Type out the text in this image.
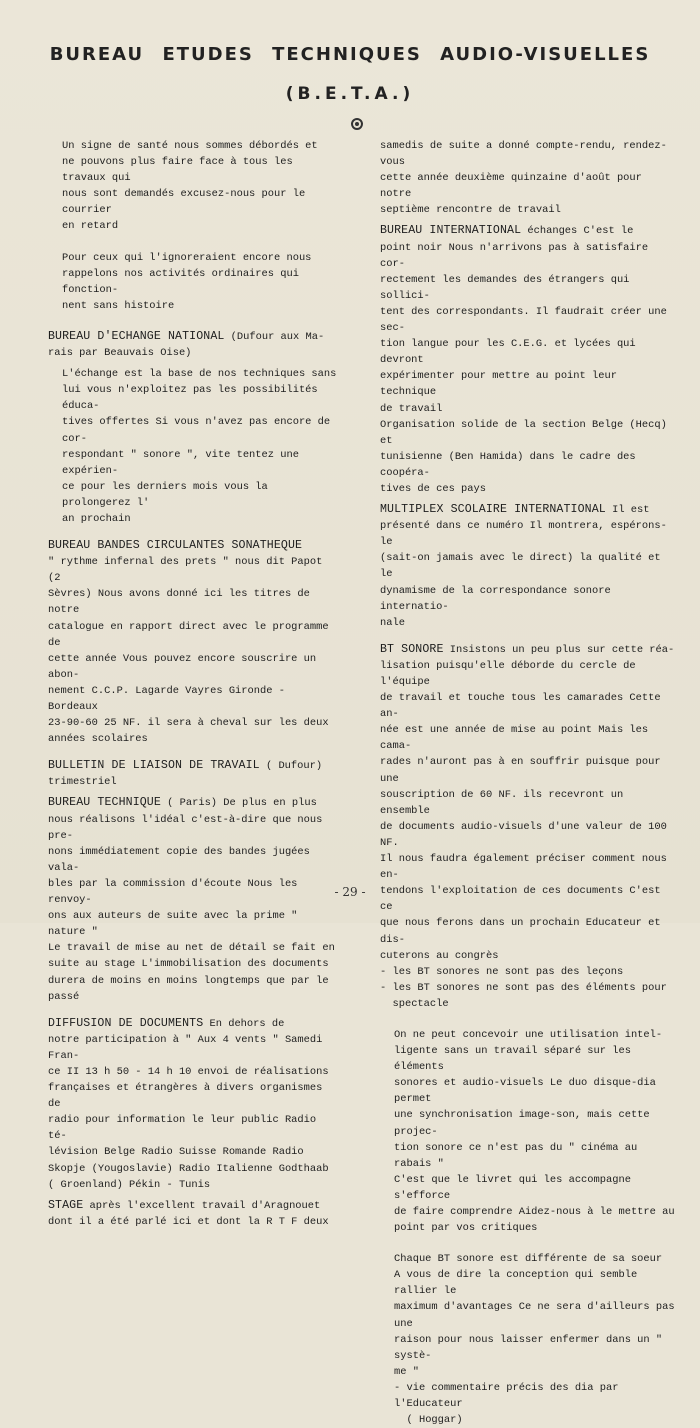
BUREAU ETUDES TECHNIQUES AUDIO-VISUELLES
(B.E.T.A.)

Un signe de santé nous sommes débordés et
ne pouvons plus faire face à tous les travaux qui
nous sont demandés excusez-nous pour le courrier
en retard

Pour ceux qui l'ignoreraient encore nous
rappelons nos activités ordinaires qui fonction-
nent sans histoire

BUREAU D'ECHANGE NATIONAL (Dufour aux Ma-
rais par Beauvais Oise)

L'échange est la base de nos techniques sans
lui vous n'exploitez pas les possibilités éduca-
tives offertes Si vous n'avez pas encore de cor-
respondant " sonore ", vite tentez une expérien-
ce pour les derniers mois vous la prolongerez l'
an prochain

BUREAU BANDES CIRCULANTES SONATHEQUE

" rythme infernal des prets " nous dit Papot (2
Sèvres) Nous avons donné ici les titres de notre
catalogue en rapport direct avec le programme de
cette année Vous pouvez encore souscrire un abon-
nement C.C.P. Lagarde Vayres Gironde - Bordeaux
23-90-60 25 NF. il sera à cheval sur les deux
années scolaires

BULLETIN DE LIAISON DE TRAVAIL ( Dufour)
trimestriel

BUREAU TECHNIQUE ( Paris) De plus en plus
nous réalisons l'idéal c'est-à-dire que nous pre-
nons immédiatement copie des bandes jugées vala-
bles par la commission d'écoute Nous les renvoy-
ons aux auteurs de suite avec la prime " nature "
Le travail de mise au net de détail se fait en
suite au stage L'immobilisation des documents
durera de moins en moins longtemps que par le
passé

DIFFUSION DE DOCUMENTS En dehors de
notre participation à " Aux 4 vents " Samedi Fran-
ce II 13 h 50 - 14 h 10 envoi de réalisations
françaises et étrangères à divers organismes de
radio pour information le leur public Radio té-
lévision Belge Radio Suisse Romande Radio
Skopje (Yougoslavie) Radio Italienne Godthaab
( Groenland) Pékin - Tunis

STAGE après l'excellent travail d'Aragnouet
dont il a été parlé ici et dont la R T F deux

samedis de suite a donné compte-rendu, rendez-vous
cette année deuxième quinzaine d'août pour notre
septième rencontre de travail

BUREAU INTERNATIONAL échanges C'est le
point noir Nous n'arrivons pas à satisfaire cor-
rectement les demandes des étrangers qui sollici-
tent des correspondants. Il faudrait créer une sec-
tion langue pour les C.E.G. et lycées qui devront
expérimenter pour mettre au point leur technique
de travail
Organisation solide de la section Belge (Hecq) et
tunisienne (Ben Hamida) dans le cadre des coopéra-
tives de ces pays

MULTIPLEX SCOLAIRE INTERNATIONAL Il est
présenté dans ce numéro Il montrera, espérons-le
(sait-on jamais avec le direct) la qualité et le
dynamisme de la correspondance sonore internatio-
nale

BT SONORE Insistons un peu plus sur cette réa-
lisation puisqu'elle déborde du cercle de l'équipe
de travail et touche tous les camarades Cette an-
née est une année de mise au point Mais les cama-
rades n'auront pas à en souffrir puisque pour une
souscription de 60 NF. ils recevront un ensemble
de documents audio-visuels d'une valeur de 100 NF.
Il nous faudra également préciser comment nous en-
tendons l'exploitation de ces documents C'est ce
que nous ferons dans un prochain Educateur et dis-
cuterons au congrès
- les BT sonores ne sont pas des leçons
- les BT sonores ne sont pas des éléments pour
spectacle

On ne peut concevoir une utilisation intel-
ligente sans un travail séparé sur les éléments
sonores et audio-visuels Le duo disque-dia permet
une synchronisation image-son, mais cette projec-
tion sonore ce n'est pas du " cinéma au rabais "
C'est que le livret qui les accompagne s'efforce
de faire comprendre Aidez-nous à le mettre au
point par vos critiques

Chaque BT sonore est différente de sa soeur
A vous de dire la conception qui semble rallier le
maximum d'avantages Ce ne sera d'ailleurs pas une
raison pour nous laisser enfermer dans un " systè-
me "
- vie commentaire précis des dia par l'Educateur
( Hoggar)

- 29 -
